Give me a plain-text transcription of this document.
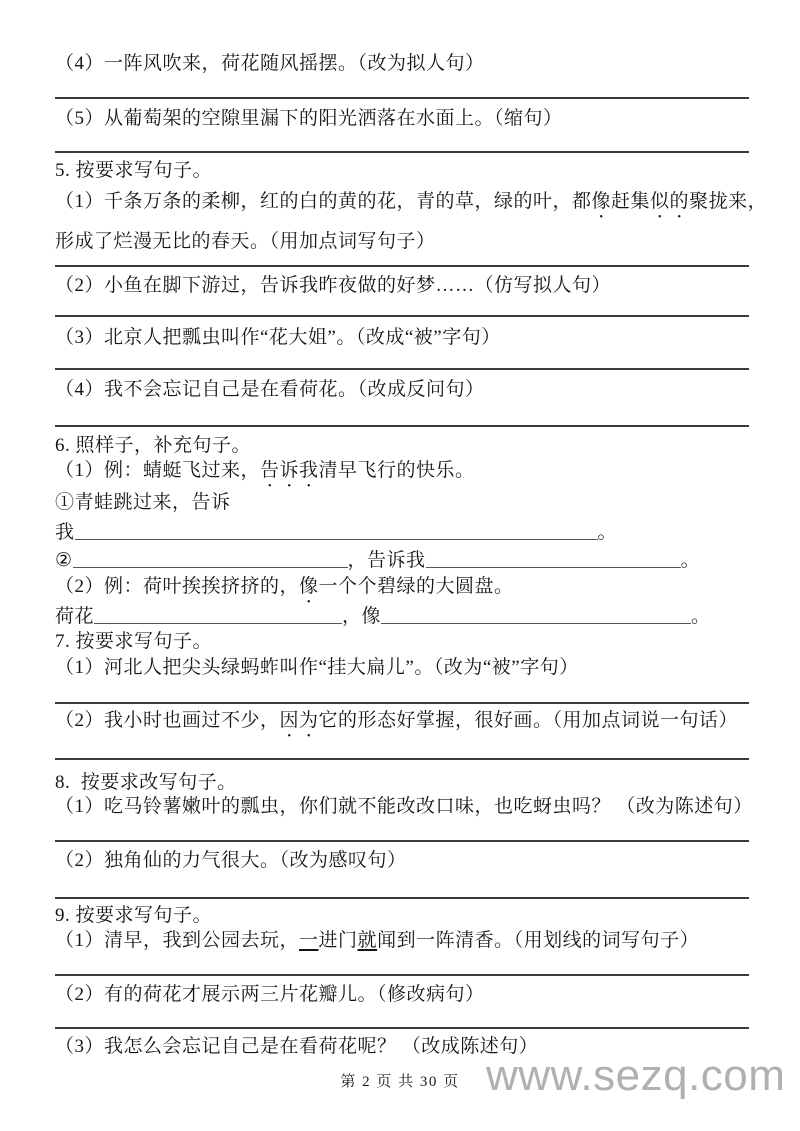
（4）一阵风吹来，荷花随风摇摆。（改为拟人句）
（5）从葡萄架的空隙里漏下的阳光洒落在水面上。（缩句）
5. 按要求写句子。
（1）千条万条的柔柳，红的白的黄的花，青的草，绿的叶，都像赶集似的聚拢来，
形成了烂漫无比的春天。（用加点词写句子）
（2）小鱼在脚下游过，告诉我昨夜做的好梦……（仿写拟人句）
（3）北京人把瓢虫叫作“花大姐”。（改成“被”字句）
（4）我不会忘记自己是在看荷花。（改成反问句）
6. 照样子，补充句子。
（1）例：蜻蜓飞过来，告诉我清早飞行的快乐。
①青蛙跳过来，告诉
我	。
②	，告诉我	。
（2）例：荷叶挨挨挤挤的，像一个个碧绿的大圆盘。
荷花	，像	。
7. 按要求写句子。
（1）河北人把尖头绿蚂蚱叫作“挂大扁儿”。（改为“被”字句）
（2）我小时也画过不少，因为它的形态好掌握，很好画。（用加点词说一句话）
8.  按要求改写句子。
（1）吃马铃薯嫩叶的瓢虫，你们就不能改改口味，也吃蚜虫吗？ （改为陈述句）
（2）独角仙的力气很大。（改为感叹句）
9. 按要求写句子。
（1）清早，我到公园去玩，一进门就闻到一阵清香。（用划线的词写句子）
（2）有的荷花才展示两三片花瓣儿。（修改病句）
（3）我怎么会忘记自己是在看荷花呢？ （改成陈述句）
第 2 页 共 30 页 www.sezq.com
